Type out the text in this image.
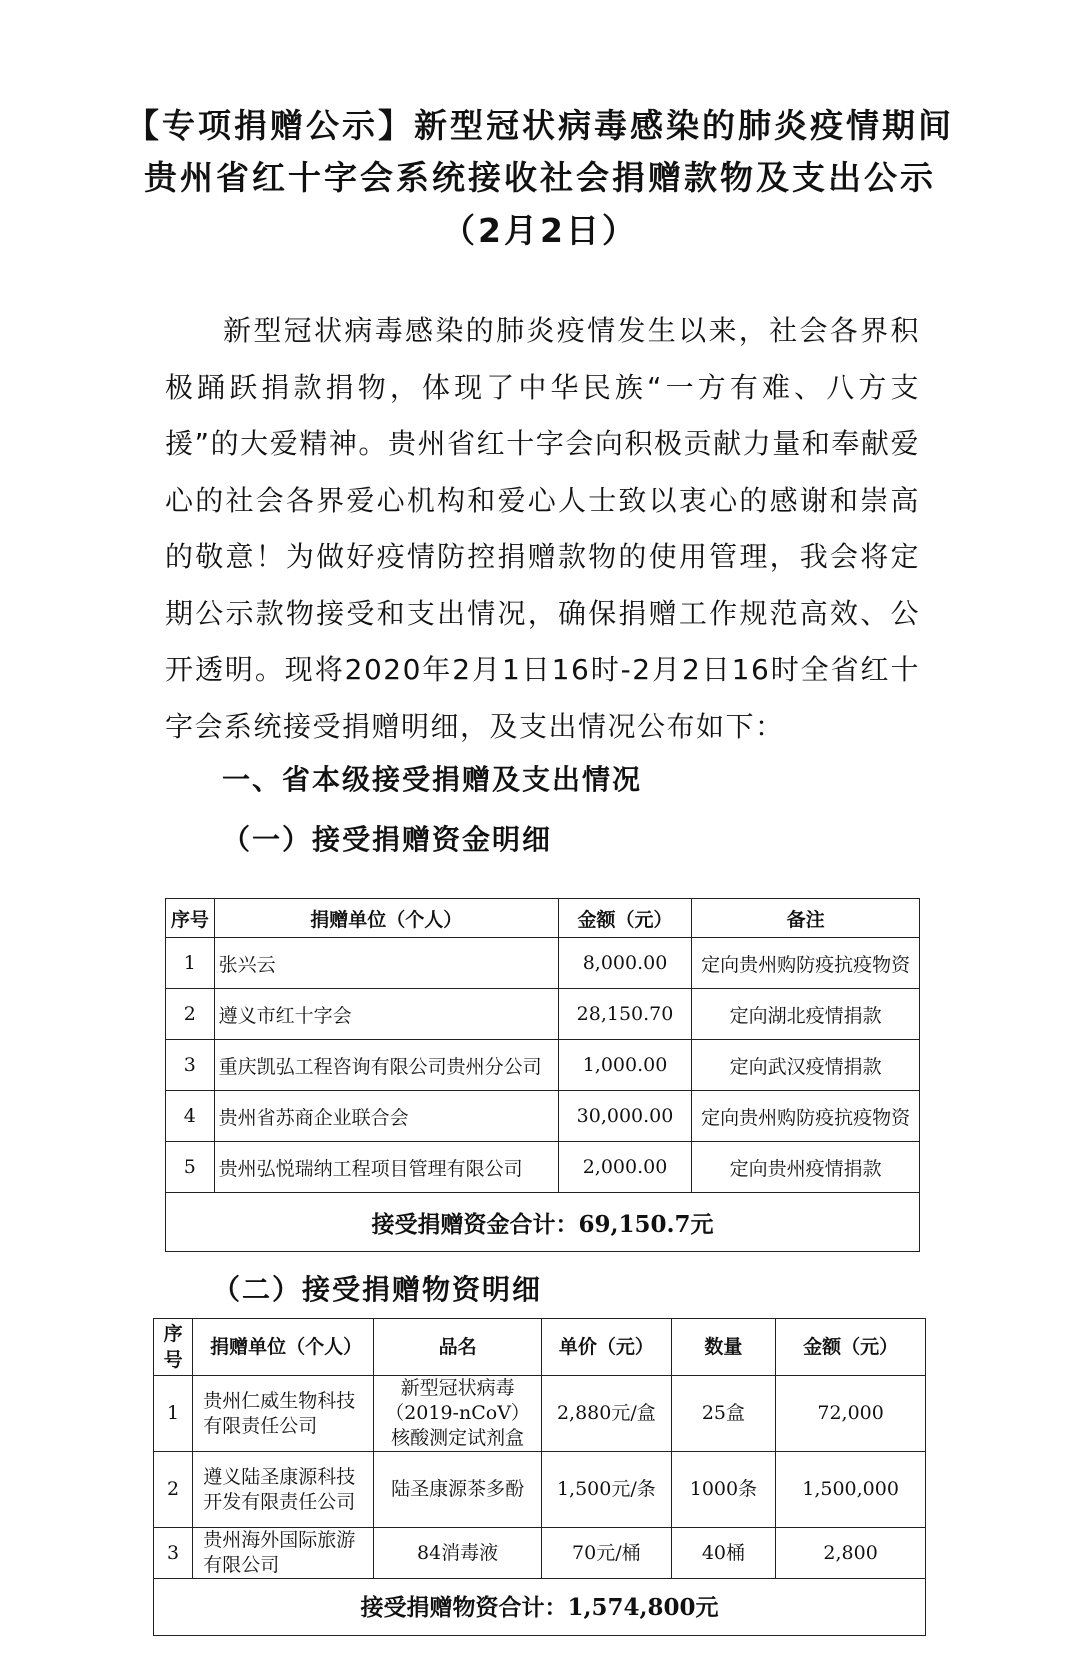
【专项捐赠公示】新型冠状病毒感染的肺炎疫情期间
贵州省红十字会系统接收社会捐赠款物及支出公示
（2月2日）

新型冠状病毒感染的肺炎疫情发生以来，社会各界积极踊跃捐款捐物，体现了中华民族“一方有难、八方支援”的大爱精神。贵州省红十字会向积极贡献力量和奉献爱心的社会各界爱心机构和爱心人士致以衷心的感谢和崇高的敬意！为做好疫情防控捐赠款物的使用管理，我会将定期公示款物接受和支出情况，确保捐赠工作规范高效、公开透明。现将2020年2月1日16时-2月2日16时全省红十字会系统接受捐赠明细，及支出情况公布如下：

一、省本级接受捐赠及支出情况
（一）接受捐赠资金明细
序号	捐赠单位（个人）	金额（元）	备注
1	张兴云	8,000.00	定向贵州购防疫抗疫物资
2	遵义市红十字会	28,150.70	定向湖北疫情捐款
3	重庆凯弘工程咨询有限公司贵州分公司	1,000.00	定向武汉疫情捐款
4	贵州省苏商企业联合会	30,000.00	定向贵州购防疫抗疫物资
5	贵州弘悦瑞纳工程项目管理有限公司	2,000.00	定向贵州疫情捐款
接受捐赠资金合计：69,150.7元			
（二）接受捐赠物资明细
序号	捐赠单位（个人）	品名	单价（元）	数量	金额（元）
1	贵州仁威生物科技有限责任公司	新型冠状病毒（2019-nCoV）核酸测定试剂盒	2,880元/盒	25盒	72,000
2	遵义陆圣康源科技开发有限责任公司	陆圣康源茶多酚	1,500元/条	1000条	1,500,000
3	贵州海外国际旅游有限公司	84消毒液	70元/桶	40桶	2,800
接受捐赠物资合计：1,574,800元					
